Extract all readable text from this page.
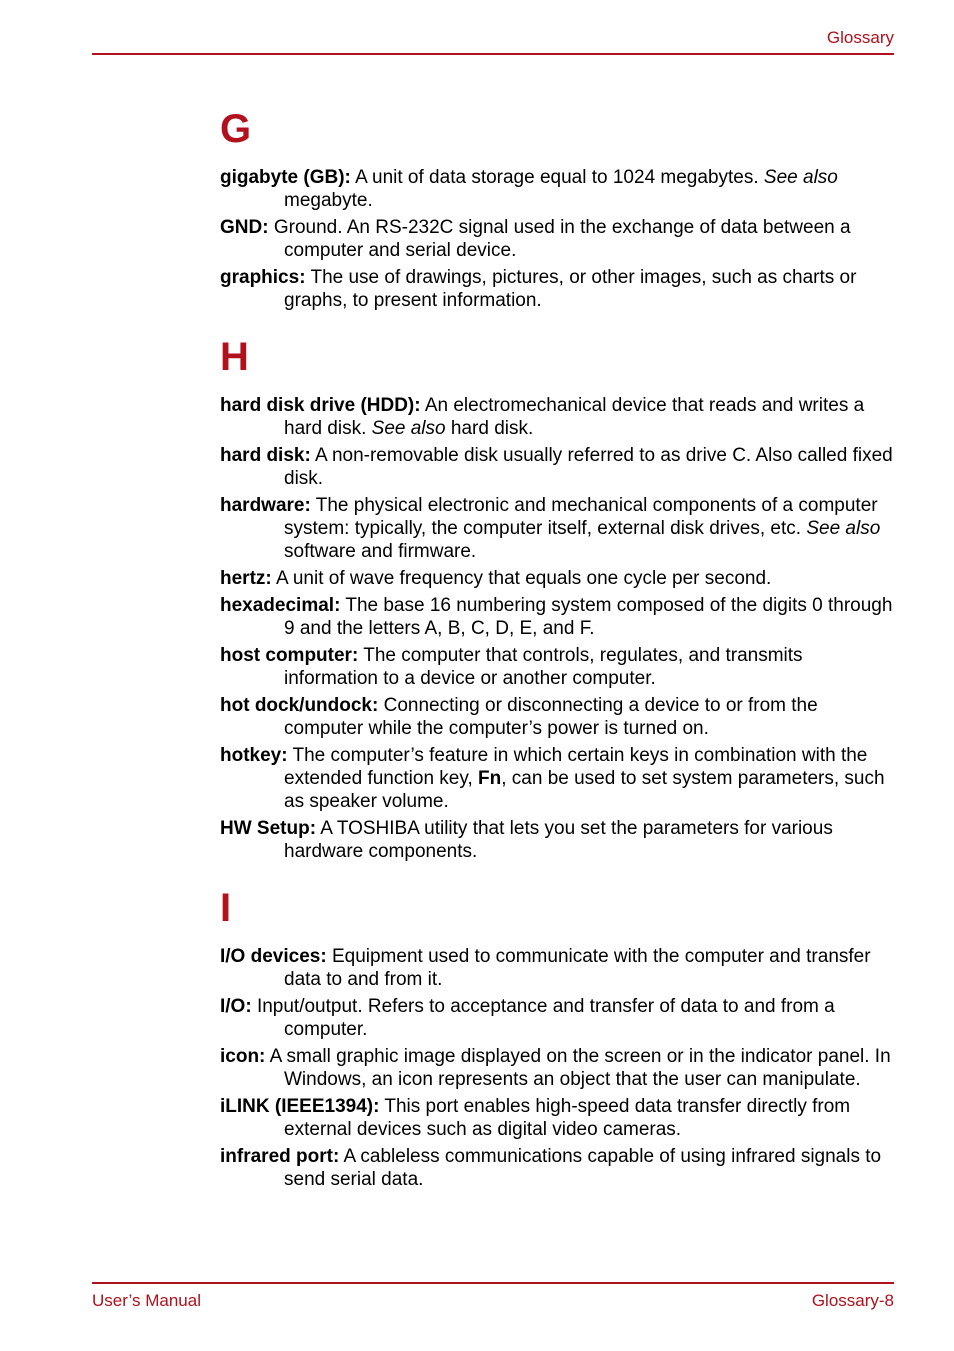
Glossary
G

gigabyte (GB): A unit of data storage equal to 1024 megabytes. See also megabyte.

GND: Ground. An RS-232C signal used in the exchange of data between a computer and serial device.

graphics: The use of drawings, pictures, or other images, such as charts or graphs, to present information.

H

hard disk drive (HDD): An electromechanical device that reads and writes a hard disk. See also hard disk.

hard disk: A non-removable disk usually referred to as drive C. Also called fixed disk.

hardware: The physical electronic and mechanical components of a computer system: typically, the computer itself, external disk drives, etc. See also software and firmware.

hertz: A unit of wave frequency that equals one cycle per second.

hexadecimal: The base 16 numbering system composed of the digits 0 through 9 and the letters A, B, C, D, E, and F.

host computer: The computer that controls, regulates, and transmits information to a device or another computer.

hot dock/undock: Connecting or disconnecting a device to or from the computer while the computer’s power is turned on.

hotkey: The computer’s feature in which certain keys in combination with the extended function key, Fn, can be used to set system parameters, such as speaker volume.

HW Setup: A TOSHIBA utility that lets you set the parameters for various hardware components.

I

I/O devices: Equipment used to communicate with the computer and transfer data to and from it.

I/O: Input/output. Refers to acceptance and transfer of data to and from a computer.

icon: A small graphic image displayed on the screen or in the indicator panel. In Windows, an icon represents an object that the user can manipulate.

iLINK (IEEE1394): This port enables high-speed data transfer directly from external devices such as digital video cameras.

infrared port: A cableless communications capable of using infrared signals to send serial data.

User’s Manual	Glossary-8
